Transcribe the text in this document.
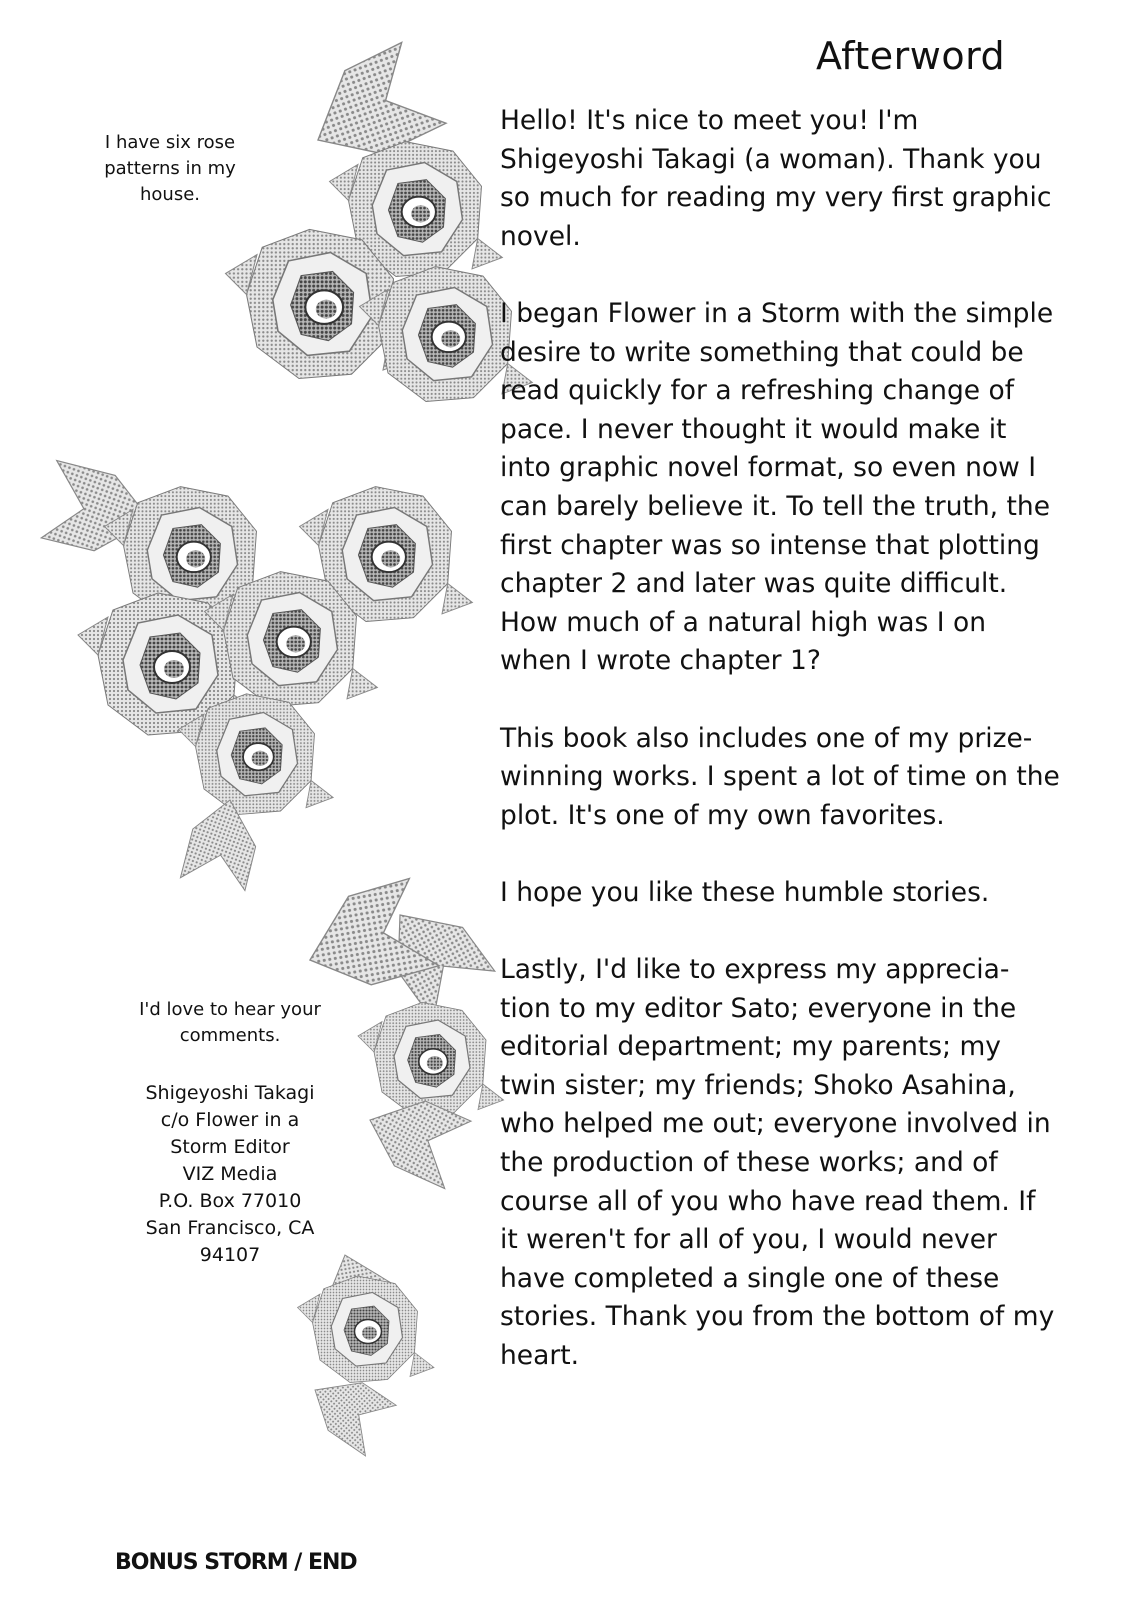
Afterword
I have six rose patterns in my house.
I'd love to hear your comments.
Shigeyoshi Takagi
c/o Flower in a
Storm Editor
VIZ Media
P.O. Box 77010
San Francisco, CA
94107

Hello! It's nice to meet you! I'm Shigeyoshi Takagi (a woman). Thank you so much for reading my very first graphic novel.

I began Flower in a Storm with the simple desire to write something that could be read quickly for a refreshing change of pace. I never thought it would make it into graphic novel format, so even now I can barely believe it. To tell the truth, the first chapter was so intense that plotting chapter 2 and later was quite difficult. How much of a natural high was I on when I wrote chapter 1?

This book also includes one of my prize-winning works. I spent a lot of time on the plot. It's one of my own favorites.

I hope you like these humble stories.

Lastly, I'd like to express my apprecia-tion to my editor Sato; everyone in the editorial department; my parents; my twin sister; my friends; Shoko Asahina, who helped me out; everyone involved in the production of these works; and of course all of you who have read them. If it weren't for all of you, I would never have completed a single one of these stories. Thank you from the bottom of my heart.

BONUS STORM / END
